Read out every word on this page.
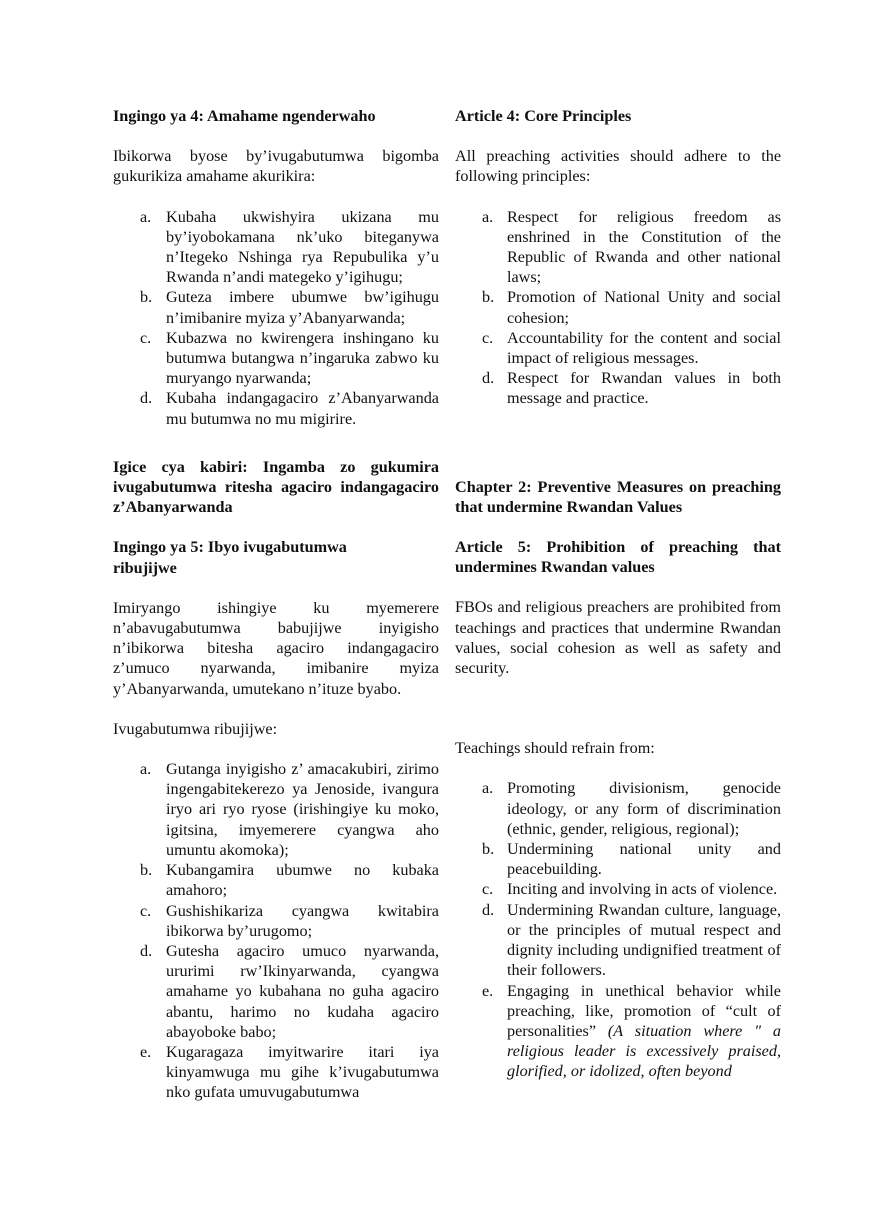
Ingingo ya 4: Amahame ngenderwaho

Ibikorwa byose by’ivugabutumwa bigomba gukurikiza amahame akurikira:

a. Kubaha ukwishyira ukizana mu by’iyobokamana nk’uko biteganywa n’Itegeko Nshinga rya Repubulika y’u Rwanda n’andi mategeko y’igihugu;
b. Guteza imbere ubumwe bw’igihugu n’imibanire myiza y’Abanyarwanda;
c. Kubazwa no kwirengera inshingano ku butumwa butangwa n’ingaruka zabwo ku muryango nyarwanda;
d. Kubaha indangagaciro z’Abanyarwanda mu butumwa no mu migirire.

Igice cya kabiri: Ingamba zo gukumira ivugabutumwa ritesha agaciro indangagaciro z’Abanyarwanda

Ingingo ya 5: Ibyo ivugabutumwa ribujijwe

Imiryango ishingiye ku myemerere n’abavugabutumwa babujijwe inyigisho n’ibikorwa bitesha agaciro indangagaciro z’umuco nyarwanda, imibanire myiza y’Abanyarwanda, umutekano n’ituze byabo.

Ivugabutumwa ribujijwe:

a. Gutanga inyigisho z’ amacakubiri, zirimo ingengabitekerezo ya Jenoside, ivangura iryo ari ryo ryose (irishingiye ku moko, igitsina, imyemerere cyangwa aho umuntu akomoka);
b. Kubangamira ubumwe no kubaka amahoro;
c. Gushishikariza cyangwa kwitabira ibikorwa by’urugomo;
d. Gutesha agaciro umuco nyarwanda, ururimi rw’Ikinyarwanda, cyangwa amahame yo kubahana no guha agaciro abantu, harimo no kudaha agaciro abayoboke babo;
e. Kugaragaza imyitwarire itari iya kinyamwuga mu gihe k’ivugabutumwa nko gufata umuvugabutumwa

Article 4: Core Principles

All preaching activities should adhere to the following principles:

a. Respect for religious freedom as enshrined in the Constitution of the Republic of Rwanda and other national laws;
b. Promotion of National Unity and social cohesion;
c. Accountability for the content and social impact of religious messages.
d. Respect for Rwandan values in both message and practice.

Chapter 2: Preventive Measures on preaching that undermine Rwandan Values

Article 5: Prohibition of preaching that undermines Rwandan values

FBOs and religious preachers are prohibited from teachings and practices that undermine Rwandan values, social cohesion as well as safety and security.

Teachings should refrain from:

a. Promoting divisionism, genocide ideology, or any form of discrimination (ethnic, gender, religious, regional);
b. Undermining national unity and peacebuilding.
c. Inciting and involving in acts of violence.
d. Undermining Rwandan culture, language, or the principles of mutual respect and dignity including undignified treatment of their followers.
e. Engaging in unethical behavior while preaching, like, promotion of “cult of personalities” (A situation where " a religious leader is excessively praised, glorified, or idolized, often beyond
